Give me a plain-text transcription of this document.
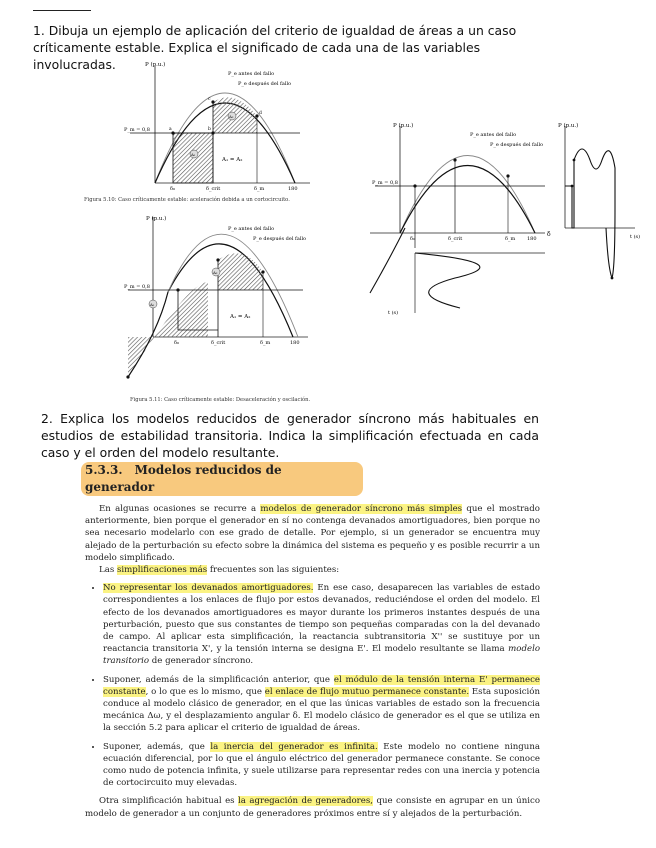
1. Dibuja un ejemplo de aplicación del criterio de igualdad de áreas a un caso críticamente estable. Explica el significado de cada una de las variables involucradas.	P (p.u.)
A₁
A₂
A₁ = A₂
P_m = 0,8
P_e antes del fallo
P_e después del fallo
a	b
c
d
δ₀	δ_crit	δ_m	180
Figura 5.10: Caso críticamente estable: aceleración debida a un cortocircuito.
P (p.u.)
A₁
A₂
A₁ = A₂
P_m = 0,8
P_e antes del fallo
P_e después del fallo
δ₀	δ_crit	δ_m	180
Figura 5.11: Caso críticamente estable: Desaceleración y oscilación.
P (p.u.)
P_m = 0,8
P_e antes del fallo
P_e después del fallo
δ₀	δ_crit	δ_m 180
δ
t (s)
P (p.u.)
t (s)
2. Explica los modelos reducidos de generador síncrono más habituales en estudios de estabilidad transitoria. Indica la simplificación efectuada en cada caso y el orden del modelo resultante.
5.3.3. Modelos reducidos de generador

En algunas ocasiones se recurre a modelos de generador síncrono más simples que el mostrado anteriormente, bien porque el generador en sí no contenga devanados amortiguadores, bien porque no sea necesario modelarlo con ese grado de detalle. Por ejemplo, si un generador se encuentra muy alejado de la perturbación su efecto sobre la dinámica del sistema es pequeño y es posible recurrir a un modelo simplificado.

Las simplificaciones más frecuentes son las siguientes:

• No representar los devanados amortiguadores. En ese caso, desaparecen las variables de estado correspondientes a los enlaces de flujo por estos devanados, reduciéndose el orden del modelo. El efecto de los devanados amortiguadores es mayor durante los primeros instantes después de una perturbación, puesto que sus constantes de tiempo son pequeñas comparadas con la del devanado de campo. Al aplicar esta simplificación, la reactancia subtransitoria X'' se sustituye por un reactancia transitoria X', y la tensión interna se designa E'. El modelo resultante se llama modelo transitorio de generador síncrono.
• Suponer, además de la simplificación anterior, que el módulo de la tensión interna E' permanece constante, o lo que es lo mismo, que el enlace de flujo mutuo permanece constante. Esta suposición conduce al modelo clásico de generador, en el que las únicas variables de estado son la frecuencia mecánica Δω, y el desplazamiento angular δ. El modelo clásico de generador es el que se utiliza en la sección 5.2 para aplicar el criterio de igualdad de áreas.
• Suponer, además, que la inercia del generador es infinita. Este modelo no contiene ninguna ecuación diferencial, por lo que el ángulo eléctrico del generador permanece constante. Se conoce como nudo de potencia infinita, y suele utilizarse para representar redes con una inercia y potencia de cortocircuito muy elevadas.

Otra simplificación habitual es la agregación de generadores, que consiste en agrupar en un único modelo de generador a un conjunto de generadores próximos entre sí y alejados de la perturbación.
